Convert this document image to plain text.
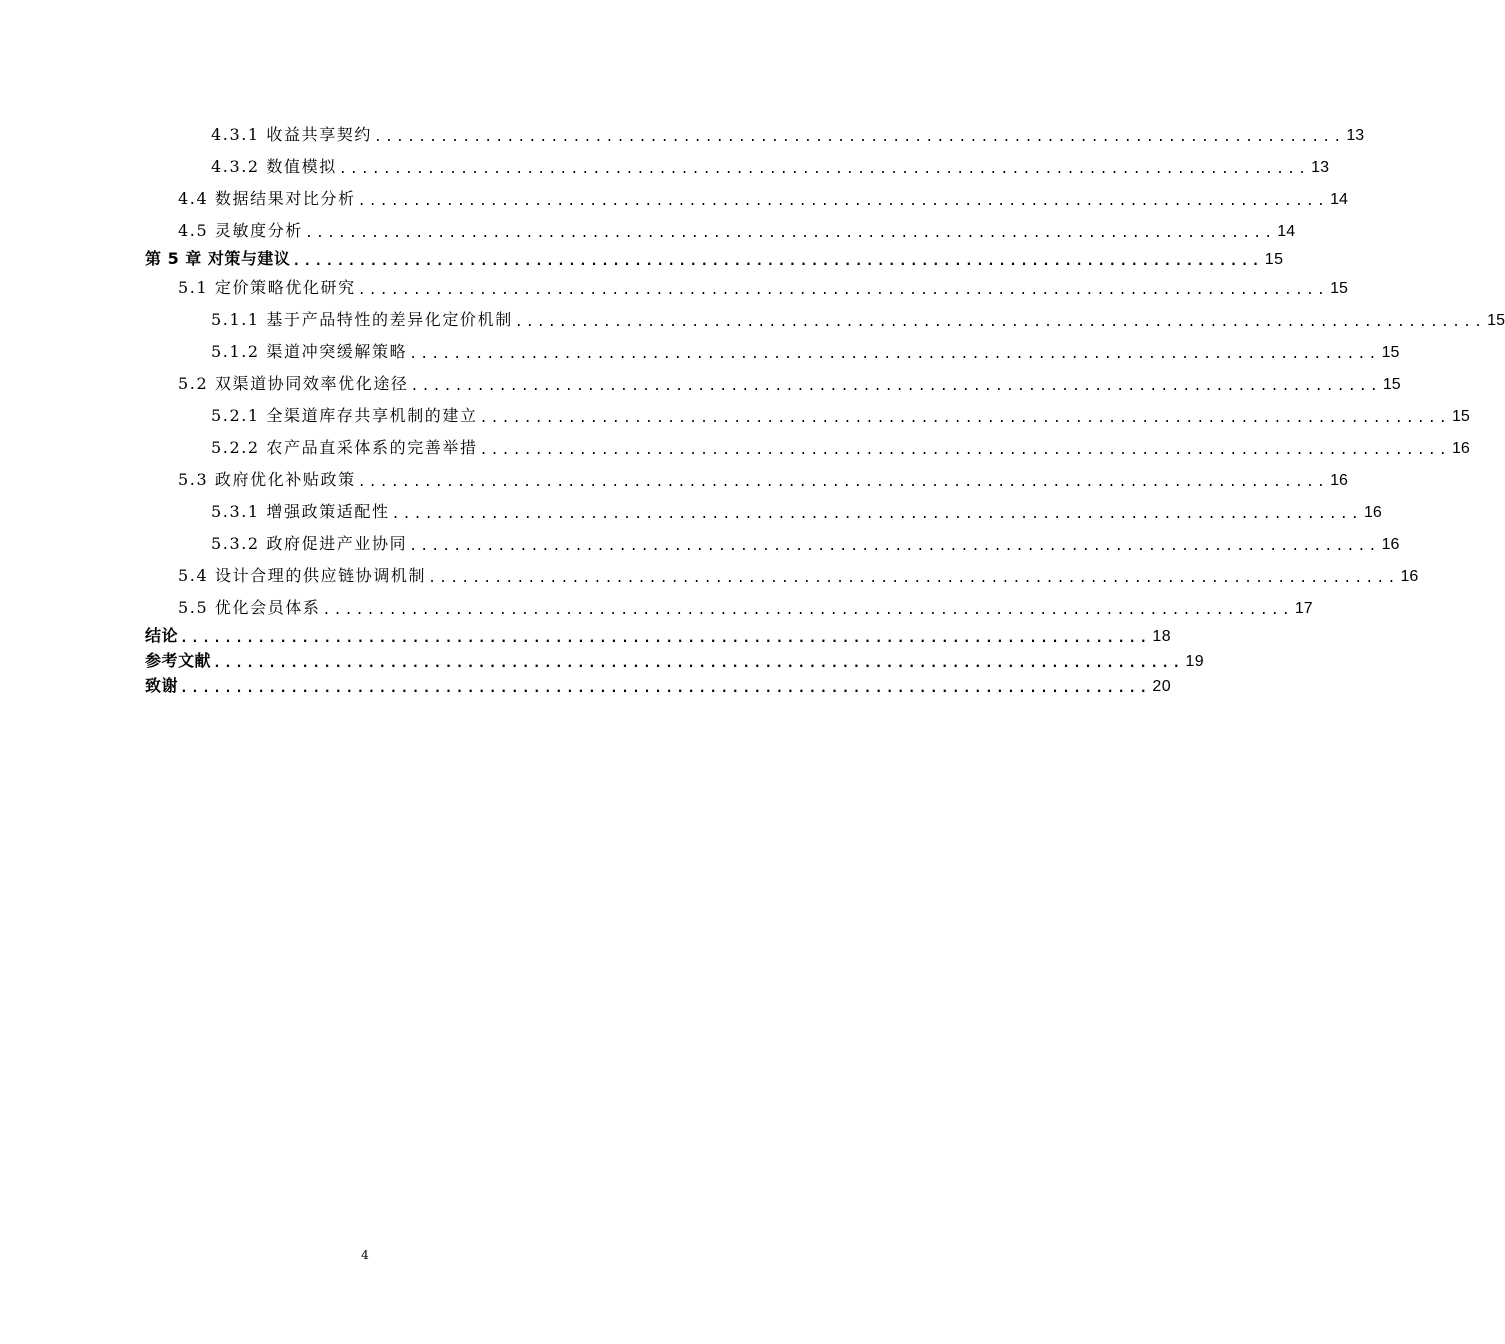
4.3.1 收益共享契约 ........................................................................................ 13
4.3.2 数值模拟 ........................................................................................ 13
4.4 数据结果对比分析 ........................................................................................ 14
4.5 灵敏度分析 ........................................................................................ 14
第 5 章 对策与建议 ........................................................................................ 15
5.1 定价策略优化研究 ........................................................................................ 15
5.1.1 基于产品特性的差异化定价机制 ........................................................................................ 15
5.1.2 渠道冲突缓解策略 ........................................................................................ 15
5.2 双渠道协同效率优化途径 ........................................................................................ 15
5.2.1 全渠道库存共享机制的建立 ........................................................................................ 15
5.2.2 农产品直采体系的完善举措 ........................................................................................ 16
5.3 政府优化补贴政策 ........................................................................................ 16
5.3.1 增强政策适配性 ........................................................................................ 16
5.3.2 政府促进产业协同 ........................................................................................ 16
5.4 设计合理的供应链协调机制 ........................................................................................ 16
5.5 优化会员体系 ........................................................................................ 17
结论 ........................................................................................ 18
参考文献 ........................................................................................ 19
致谢 ........................................................................................ 20
4
